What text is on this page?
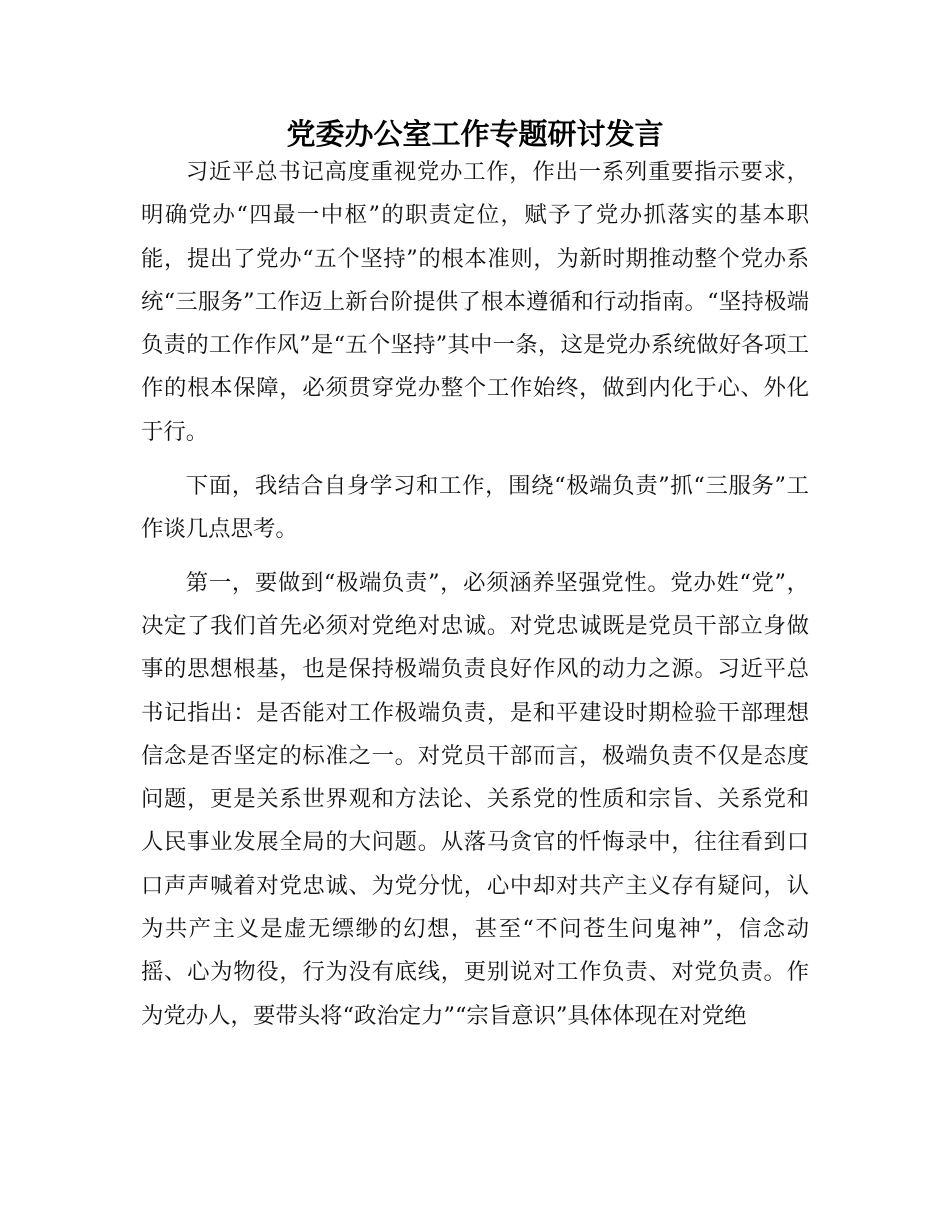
党委办公室工作专题研讨发言

习近平总书记高度重视党办工作，作出一系列重要指示要求，明确党办“四最一中枢”的职责定位，赋予了党办抓落实的基本职能，提出了党办“五个坚持”的根本准则，为新时期推动整个党办系统“三服务”工作迈上新台阶提供了根本遵循和行动指南。“坚持极端负责的工作作风”是“五个坚持”其中一条，这是党办系统做好各项工作的根本保障，必须贯穿党办整个工作始终，做到内化于心、外化于行。

下面，我结合自身学习和工作，围绕“极端负责”抓“三服务”工作谈几点思考。

第一，要做到“极端负责”，必须涵养坚强党性。党办姓“党”，决定了我们首先必须对党绝对忠诚。对党忠诚既是党员干部立身做事的思想根基，也是保持极端负责良好作风的动力之源。习近平总书记指出：是否能对工作极端负责，是和平建设时期检验干部理想信念是否坚定的标准之一。对党员干部而言，极端负责不仅是态度问题，更是关系世界观和方法论、关系党的性质和宗旨、关系党和人民事业发展全局的大问题。从落马贪官的忏悔录中，往往看到口口声声喊着对党忠诚、为党分忧，心中却对共产主义存有疑问，认为共产主义是虚无缥缈的幻想，甚至“不问苍生问鬼神”，信念动摇、心为物役，行为没有底线，更别说对工作负责、对党负责。作为党办人，要带头将“政治定力”“宗旨意识”具体体现在对党绝
